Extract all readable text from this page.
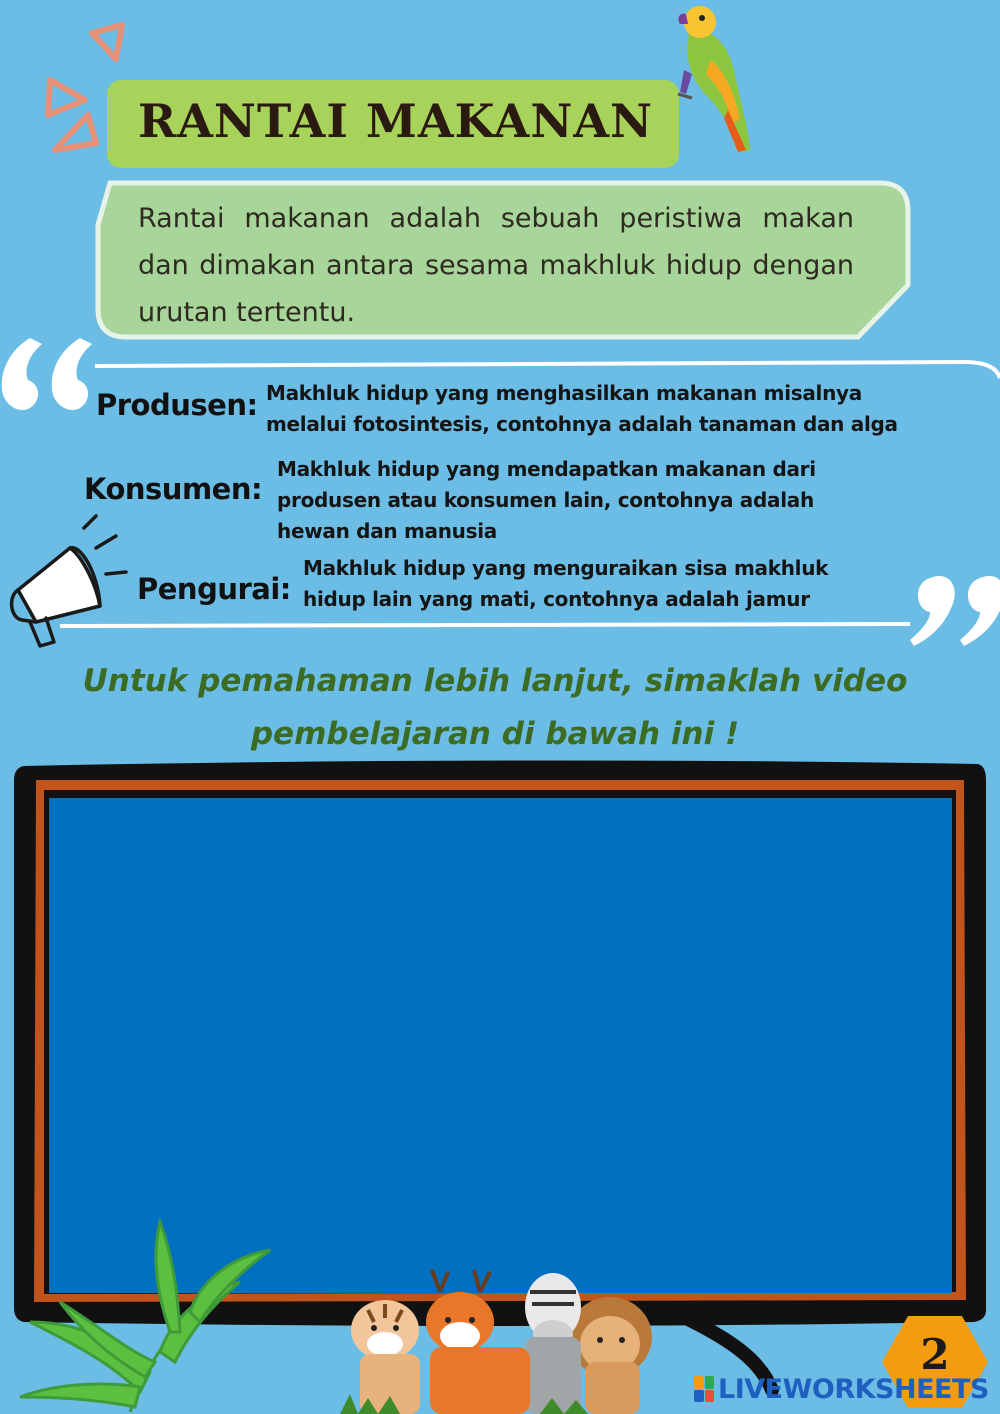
RANTAI MAKANAN
Rantai makanan adalah sebuah peristiwa makan dan dimakan antara sesama makhluk hidup dengan urutan tertentu.
Produsen: Makhluk hidup yang menghasilkan makanan misalnya
melalui fotosintesis, contohnya adalah tanaman dan alga
Konsumen:
Makhluk hidup yang mendapatkan makanan dari
produsen atau konsumen lain, contohnya adalah
hewan dan manusia
Pengurai:
Makhluk hidup yang menguraikan sisa makhluk
hidup lain yang mati, contohnya adalah jamur
Untuk pemahaman lebih lanjut, simaklah video
pembelajaran di bawah ini !
2
LIVEWORKSHEETS
